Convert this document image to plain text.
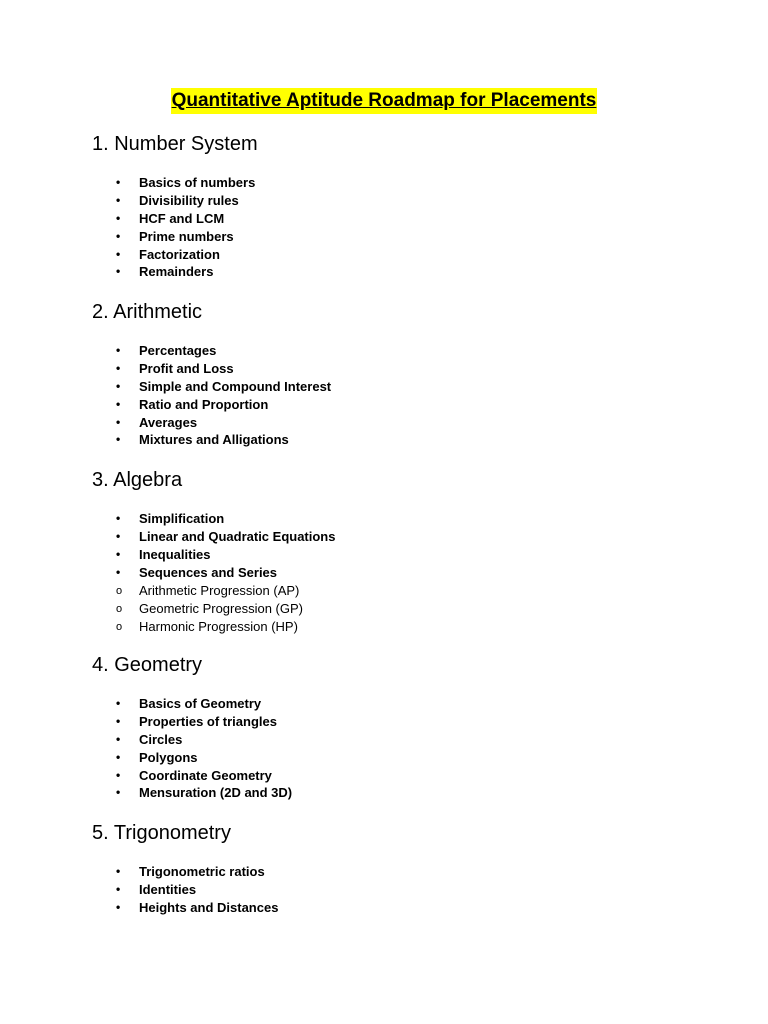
Quantitative Aptitude Roadmap for Placements
1. Number System
• Basics of numbers
• Divisibility rules
• HCF and LCM
• Prime numbers
• Factorization
• Remainders
2. Arithmetic
• Percentages
• Profit and Loss
• Simple and Compound Interest
• Ratio and Proportion
• Averages
• Mixtures and Alligations
3. Algebra
• Simplification
• Linear and Quadratic Equations
• Inequalities
• Sequences and Series
o Arithmetic Progression (AP)
o Geometric Progression (GP)
o Harmonic Progression (HP)
4. Geometry
• Basics of Geometry
• Properties of triangles
• Circles
• Polygons
• Coordinate Geometry
• Mensuration (2D and 3D)
5. Trigonometry
• Trigonometric ratios
• Identities
• Heights and Distances
